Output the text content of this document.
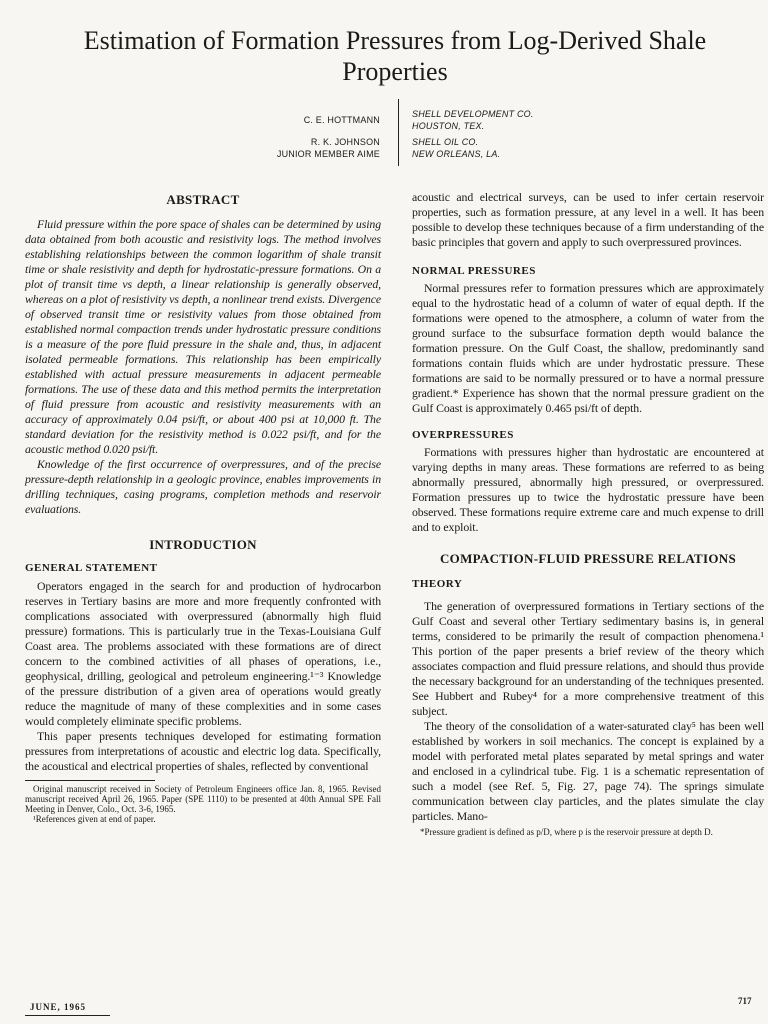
Estimation of Formation Pressures from Log-Derived Shale Properties
C. E. HOTTMANN
R. K. JOHNSON
JUNIOR MEMBER AIME
SHELL DEVELOPMENT CO.
HOUSTON, TEX.
SHELL OIL CO.
NEW ORLEANS, LA.
ABSTRACT

Fluid pressure within the pore space of shales can be determined by using data obtained from both acoustic and resistivity logs. The method involves establishing relationships between the common logarithm of shale transit time or shale resistivity and depth for hydrostatic-pressure formations. On a plot of transit time vs depth, a linear relationship is generally observed, whereas on a plot of resistivity vs depth, a nonlinear trend exists. Divergence of observed transit time or resistivity values from those obtained from established normal compaction trends under hydrostatic pressure conditions is a measure of the pore fluid pressure in the shale and, thus, in adjacent isolated permeable formations. This relationship has been empirically established with actual pressure measurements in adjacent permeable formations. The use of these data and this method permits the interpretation of fluid pressure from acoustic and resistivity measurements with an accuracy of approximately 0.04 psi/ft, or about 400 psi at 10,000 ft. The standard deviation for the resistivity method is 0.022 psi/ft, and for the acoustic method 0.020 psi/ft.

Knowledge of the first occurrence of overpressures, and of the precise pressure-depth relationship in a geologic province, enables improvements in drilling techniques, casing programs, completion methods and reservoir evaluations.

INTRODUCTION
GENERAL STATEMENT

Operators engaged in the search for and production of hydrocarbon reserves in Tertiary basins are more and more frequently confronted with complications associated with overpressured (abnormally high fluid pressure) formations. This is particularly true in the Texas-Louisiana Gulf Coast area. The problems associated with these formations are of direct concern to the combined activities of all phases of operations, i.e., geophysical, drilling, geological and petroleum engineering.¹⁻³ Knowledge of the pressure distribution of a given area of operations would greatly reduce the magnitude of many of these complexities and in some cases would completely eliminate specific problems.

This paper presents techniques developed for estimating formation pressures from interpretations of acoustic and electric log data. Specifically, the acoustical and electrical properties of shales, reflected by conventional

Original manuscript received in Society of Petroleum Engineers office Jan. 8, 1965. Revised manuscript received April 26, 1965. Paper (SPE 1110) to be presented at 40th Annual SPE Fall Meeting in Denver, Colo., Oct. 3-6, 1965.

¹References given at end of paper.

acoustic and electrical surveys, can be used to infer certain reservoir properties, such as formation pressure, at any level in a well. It has been possible to develop these techniques because of a firm understanding of the basic principles that govern and apply to such overpressured provinces.

NORMAL PRESSURES

Normal pressures refer to formation pressures which are approximately equal to the hydrostatic head of a column of water of equal depth. If the formations were opened to the atmosphere, a column of water from the ground surface to the subsurface formation depth would balance the formation pressure. On the Gulf Coast, the shallow, predominantly sand formations contain fluids which are under hydrostatic pressure. These formations are said to be normally pressured or to have a normal pressure gradient.* Experience has shown that the normal pressure gradient on the Gulf Coast is approximately 0.465 psi/ft of depth.

OVERPRESSURES

Formations with pressures higher than hydrostatic are encountered at varying depths in many areas. These formations are referred to as being abnormally pressured, abnormally high pressured, or overpressured. Formation pressures up to twice the hydrostatic pressure have been observed. These formations require extreme care and much expense to drill and to exploit.

COMPACTION-FLUID PRESSURE RELATIONS
THEORY

The generation of overpressured formations in Tertiary sections of the Gulf Coast and several other Tertiary sedimentary basins is, in general terms, considered to be primarily the result of compaction phenomena.¹ This portion of the paper presents a brief review of the theory which associates compaction and fluid pressure relations, and should thus provide the necessary background for an understanding of the techniques presented. See Hubbert and Rubey⁴ for a more comprehensive treatment of this subject.

The theory of the consolidation of a water-saturated clay⁵ has been well established by workers in soil mechanics. The concept is explained by a model with perforated metal plates separated by metal springs and water and enclosed in a cylindrical tube. Fig. 1 is a schematic representation of such a model (see Ref. 5, Fig. 27, page 74). The springs simulate communication between clay particles, and the plates simulate the clay particles. Mano-

*Pressure gradient is defined as p/D, where p is the reservoir pressure at depth D.

JUNE, 1965
717
